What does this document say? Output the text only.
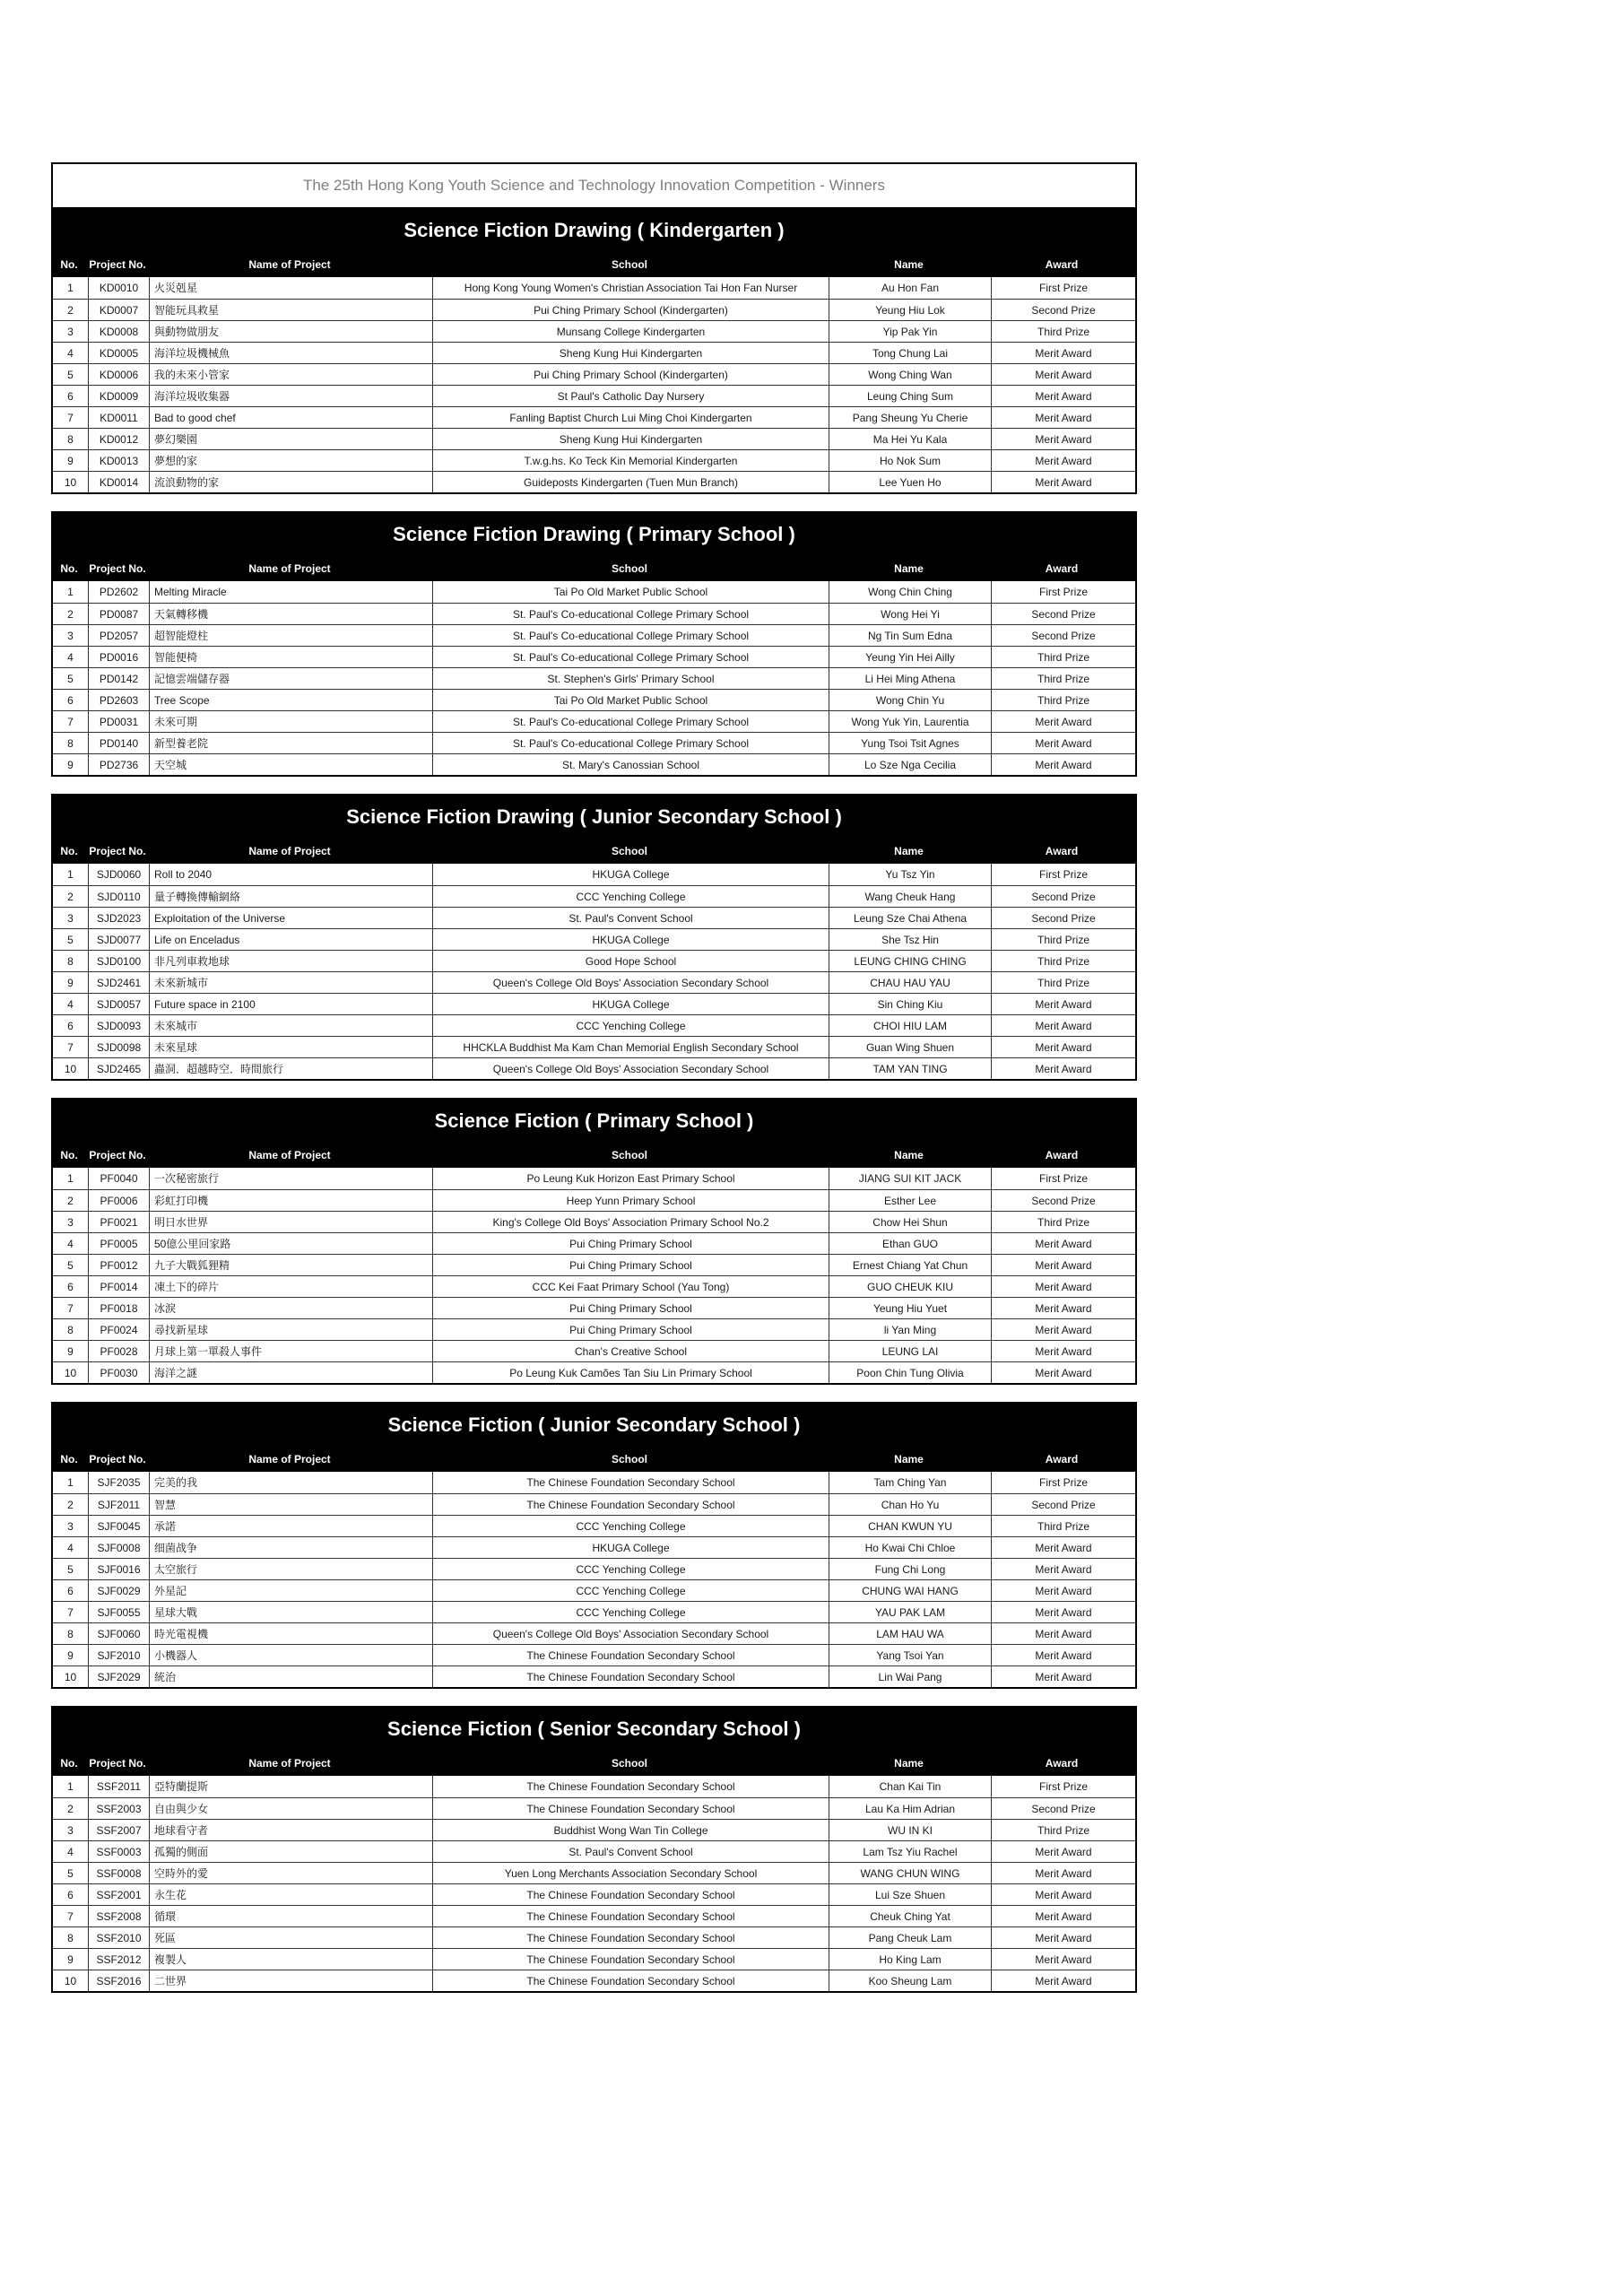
The 25th Hong Kong Youth Science and Technology Innovation Competition - Winners
Science Fiction Drawing ( Kindergarten )
No.	Project No.	Name of Project	School	Name	Award
1	KD0010	火災剋星	Hong Kong Young Women's Christian Association Tai Hon Fan Nurser	Au Hon Fan	First Prize
2	KD0007	智能玩具救星	Pui Ching Primary School (Kindergarten)	Yeung Hiu Lok	Second Prize
3	KD0008	與動物做朋友	Munsang College Kindergarten	Yip Pak Yin	Third Prize
4	KD0005	海洋垃圾機械魚	Sheng Kung Hui Kindergarten	Tong Chung Lai	Merit Award
5	KD0006	我的未來小管家	Pui Ching Primary School (Kindergarten)	Wong Ching Wan	Merit Award
6	KD0009	海洋垃圾收集器	St Paul's Catholic Day Nursery	Leung Ching Sum	Merit Award
7	KD0011	Bad to good chef	Fanling Baptist Church Lui Ming Choi Kindergarten	Pang Sheung Yu Cherie	Merit Award
8	KD0012	夢幻樂園	Sheng Kung Hui Kindergarten	Ma Hei Yu Kala	Merit Award
9	KD0013	夢想的家	T.w.g.hs. Ko Teck Kin Memorial Kindergarten	Ho Nok Sum	Merit Award
10	KD0014	流浪動物的家	Guideposts Kindergarten (Tuen Mun Branch)	Lee Yuen Ho	Merit Award
Science Fiction Drawing ( Primary School )
No.	Project No.	Name of Project	School	Name	Award
1	PD2602	Melting Miracle	Tai Po Old Market Public School	Wong Chin Ching	First Prize
2	PD0087	天氣轉移機	St. Paul's Co-educational College Primary School	Wong Hei Yi	Second Prize
3	PD2057	超智能燈柱	St. Paul's Co-educational College Primary School	Ng Tin Sum Edna	Second Prize
4	PD0016	智能便椅	St. Paul's Co-educational College Primary School	Yeung Yin Hei Ailly	Third Prize
5	PD0142	記憶雲端儲存器	St. Stephen's Girls' Primary School	Li Hei Ming Athena	Third Prize
6	PD2603	Tree Scope	Tai Po Old Market Public School	Wong Chin Yu	Third Prize
7	PD0031	未來可期	St. Paul's Co-educational College Primary School	Wong Yuk Yin, Laurentia	Merit Award
8	PD0140	新型養老院	St. Paul's Co-educational College Primary School	Yung Tsoi Tsit Agnes	Merit Award
9	PD2736	天空城	St. Mary's Canossian School	Lo Sze Nga Cecilia	Merit Award
Science Fiction Drawing ( Junior Secondary School )
No.	Project No.	Name of Project	School	Name	Award
1	SJD0060	Roll to 2040	HKUGA College	Yu Tsz Yin	First Prize
2	SJD0110	量子轉換傳輸網絡	CCC Yenching College	Wang Cheuk Hang	Second Prize
3	SJD2023	Exploitation of the Universe	St. Paul's Convent School	Leung Sze Chai Athena	Second Prize
5	SJD0077	Life on Enceladus	HKUGA College	She Tsz Hin	Third Prize
8	SJD0100	非凡列車救地球	Good Hope School	LEUNG CHING CHING	Third Prize
9	SJD2461	未來新城市	Queen's College Old Boys' Association Secondary School	CHAU HAU YAU	Third Prize
4	SJD0057	Future space in 2100	HKUGA College	Sin Ching Kiu	Merit Award
6	SJD0093	未來城市	CCC Yenching College	CHOI HIU LAM	Merit Award
7	SJD0098	未來星球	HHCKLA Buddhist Ma Kam Chan Memorial English Secondary School	Guan Wing Shuen	Merit Award
10	SJD2465	蟲洞．超越時空．時間旅行	Queen's College Old Boys' Association Secondary School	TAM YAN TING	Merit Award
Science Fiction ( Primary School )
No.	Project No.	Name of Project	School	Name	Award
1	PF0040	一次秘密旅行	Po Leung Kuk Horizon East Primary School	JIANG SUI KIT JACK	First Prize
2	PF0006	彩虹打印機	Heep Yunn Primary School	Esther Lee	Second Prize
3	PF0021	明日水世界	King's College Old Boys' Association Primary School No.2	Chow Hei Shun	Third Prize
4	PF0005	50億公里回家路	Pui Ching Primary School	Ethan GUO	Merit Award
5	PF0012	九子大戰狐狸精	Pui Ching Primary School	Ernest Chiang Yat Chun	Merit Award
6	PF0014	凍土下的碎片	CCC Kei Faat Primary School (Yau Tong)	GUO CHEUK KIU	Merit Award
7	PF0018	冰淚	Pui Ching Primary School	Yeung Hiu Yuet	Merit Award
8	PF0024	尋找新星球	Pui Ching Primary School	li Yan Ming	Merit Award
9	PF0028	月球上第一單殺人事件	Chan's Creative School	LEUNG LAI	Merit Award
10	PF0030	海洋之謎	Po Leung Kuk Camões Tan Siu Lin Primary School	Poon Chin Tung Olivia	Merit Award
Science Fiction ( Junior Secondary School )
No.	Project No.	Name of Project	School	Name	Award
1	SJF2035	完美的我	The Chinese Foundation Secondary School	Tam Ching Yan	First Prize
2	SJF2011	智慧	The Chinese Foundation Secondary School	Chan Ho Yu	Second Prize
3	SJF0045	承諾	CCC Yenching College	CHAN KWUN YU	Third Prize
4	SJF0008	细菌战争	HKUGA College	Ho Kwai Chi Chloe	Merit Award
5	SJF0016	太空旅行	CCC Yenching College	Fung Chi Long	Merit Award
6	SJF0029	外星記	CCC Yenching College	CHUNG WAI HANG	Merit Award
7	SJF0055	星球大戰	CCC Yenching College	YAU PAK LAM	Merit Award
8	SJF0060	時光電視機	Queen's College Old Boys' Association Secondary School	LAM HAU WA	Merit Award
9	SJF2010	小機器人	The Chinese Foundation Secondary School	Yang Tsoi Yan	Merit Award
10	SJF2029	統治	The Chinese Foundation Secondary School	Lin Wai Pang	Merit Award
Science Fiction ( Senior Secondary School )
No.	Project No.	Name of Project	School	Name	Award
1	SSF2011	亞特蘭提斯	The Chinese Foundation Secondary School	Chan Kai Tin	First Prize
2	SSF2003	自由與少女	The Chinese Foundation Secondary School	Lau Ka Him Adrian	Second Prize
3	SSF2007	地球看守者	Buddhist Wong Wan Tin College	WU IN KI	Third Prize
4	SSF0003	孤獨的側面	St. Paul's Convent School	Lam Tsz Yiu Rachel	Merit Award
5	SSF0008	空時外的愛	Yuen Long Merchants Association Secondary School	WANG CHUN WING	Merit Award
6	SSF2001	永生花	The Chinese Foundation Secondary School	Lui Sze Shuen	Merit Award
7	SSF2008	循環	The Chinese Foundation Secondary School	Cheuk Ching Yat	Merit Award
8	SSF2010	死區	The Chinese Foundation Secondary School	Pang Cheuk Lam	Merit Award
9	SSF2012	複製人	The Chinese Foundation Secondary School	Ho King Lam	Merit Award
10	SSF2016	二世界	The Chinese Foundation Secondary School	Koo Sheung Lam	Merit Award
